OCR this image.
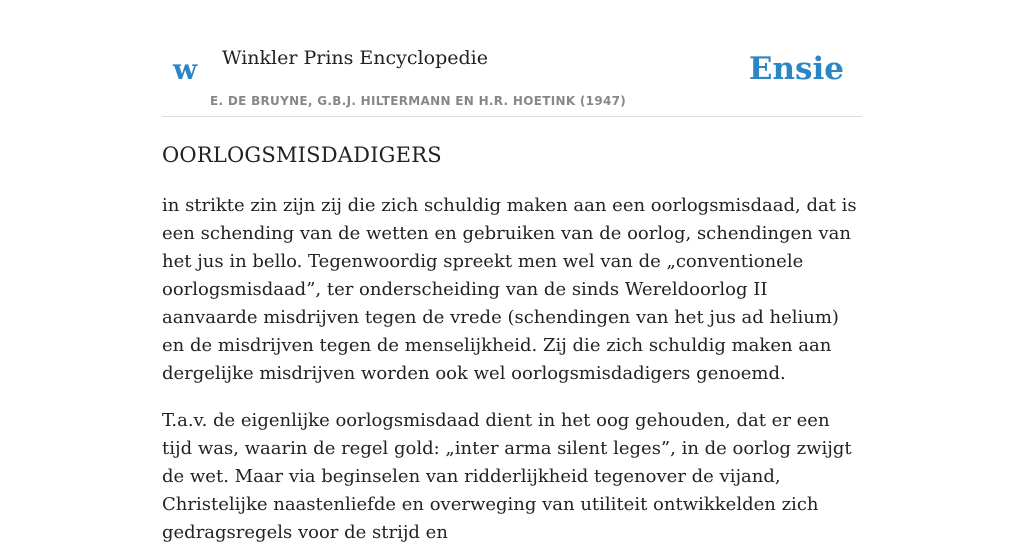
w Winkler Prins Encyclopedie
E. DE BRUYNE, G.B.J. HILTERMANN EN H.R. HOETINK (1947)
Ensie
OORLOGSMISDADIGERS

in strikte zin zijn zij die zich schuldig maken aan een oorlogsmisdaad, dat is een schending van de wetten en gebruiken van de oorlog, schendingen van het jus in bello. Tegenwoordig spreekt men wel van de „conventionele oorlogsmisdaad”, ter onderscheiding van de sinds Wereldoorlog II aanvaarde misdrijven tegen de vrede (schendingen van het jus ad helium) en de misdrijven tegen de menselijkheid. Zij die zich schuldig maken aan dergelijke misdrijven worden ook wel oorlogsmisdadigers genoemd.

T.a.v. de eigenlijke oorlogsmisdaad dient in het oog gehouden, dat er een tijd was, waarin de regel gold: „inter arma silent leges”, in de oorlog zwijgt de wet. Maar via beginselen van ridderlijkheid tegenover de vijand, Christelijke naastenliefde en overweging van utiliteit ontwikkelden zich gedragsregels voor de strijd en
